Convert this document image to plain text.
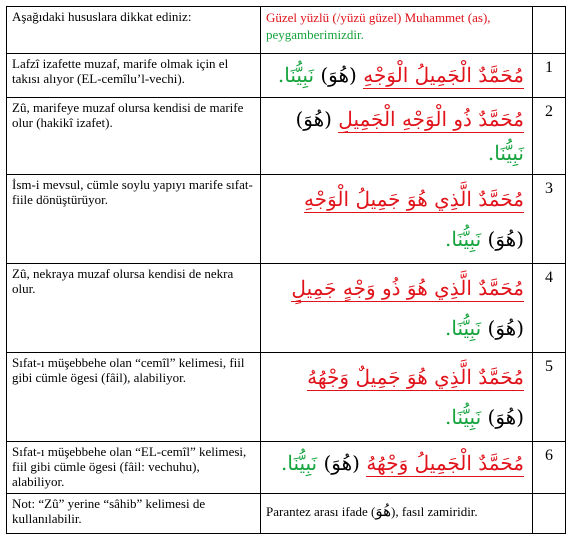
Aşağıdaki hususlara dikkat ediniz:	Güzel yüzlü (/yüzü güzel) Muhammet (as),
peygamberimizdir.	
Lafzî izafette muzaf, marife olmak için el takısı alıyor (EL-cemîlu’l-vechi).	مُحَمَّدٌ الْجَمِيلُ الْوَجْهِ (هُوَ) نَبِيُّنَا.	1
Zû, marifeye muzaf olursa kendisi de marife olur (hakikî izafet).	مُحَمَّدٌ ذُو الْوَجْهِ الْجَمِيلِ (هُوَ) نَبِيُّنَا.	2
İsm-i mevsul, cümle soylu yapıyı marife sıfat-fiile dönüştürüyor.	مُحَمَّدٌ الَّذِي هُوَ جَمِيلُ الْوَجْهِ (هُوَ) نَبِيُّنَا.	3
Zû, nekraya muzaf olursa kendisi de nekra olur.	مُحَمَّدٌ الَّذِي هُوَ ذُو وَجْهٍ جَمِيلٍ (هُوَ) نَبِيُّنَا.	4
Sıfat-ı müşebbehe olan “cemîl” kelimesi, fiil gibi cümle ögesi (fâil), alabiliyor.	مُحَمَّدٌ الَّذِي هُوَ جَمِيلٌ وَجْهُهُ (هُوَ) نَبِيُّنَا.	5
Sıfat-ı müşebbehe olan “EL-cemîl” kelimesi, fiil gibi cümle ögesi (fâil: vechuhu), alabiliyor.	مُحَمَّدٌ الْجَمِيلُ وَجْهُهُ (هُوَ) نَبِيُّنَا.	6
Not: “Zû” yerine “sâhib” kelimesi de kullanılabilir.	Parantez arası ifade (هُوَ), fasıl zamiridir.	
